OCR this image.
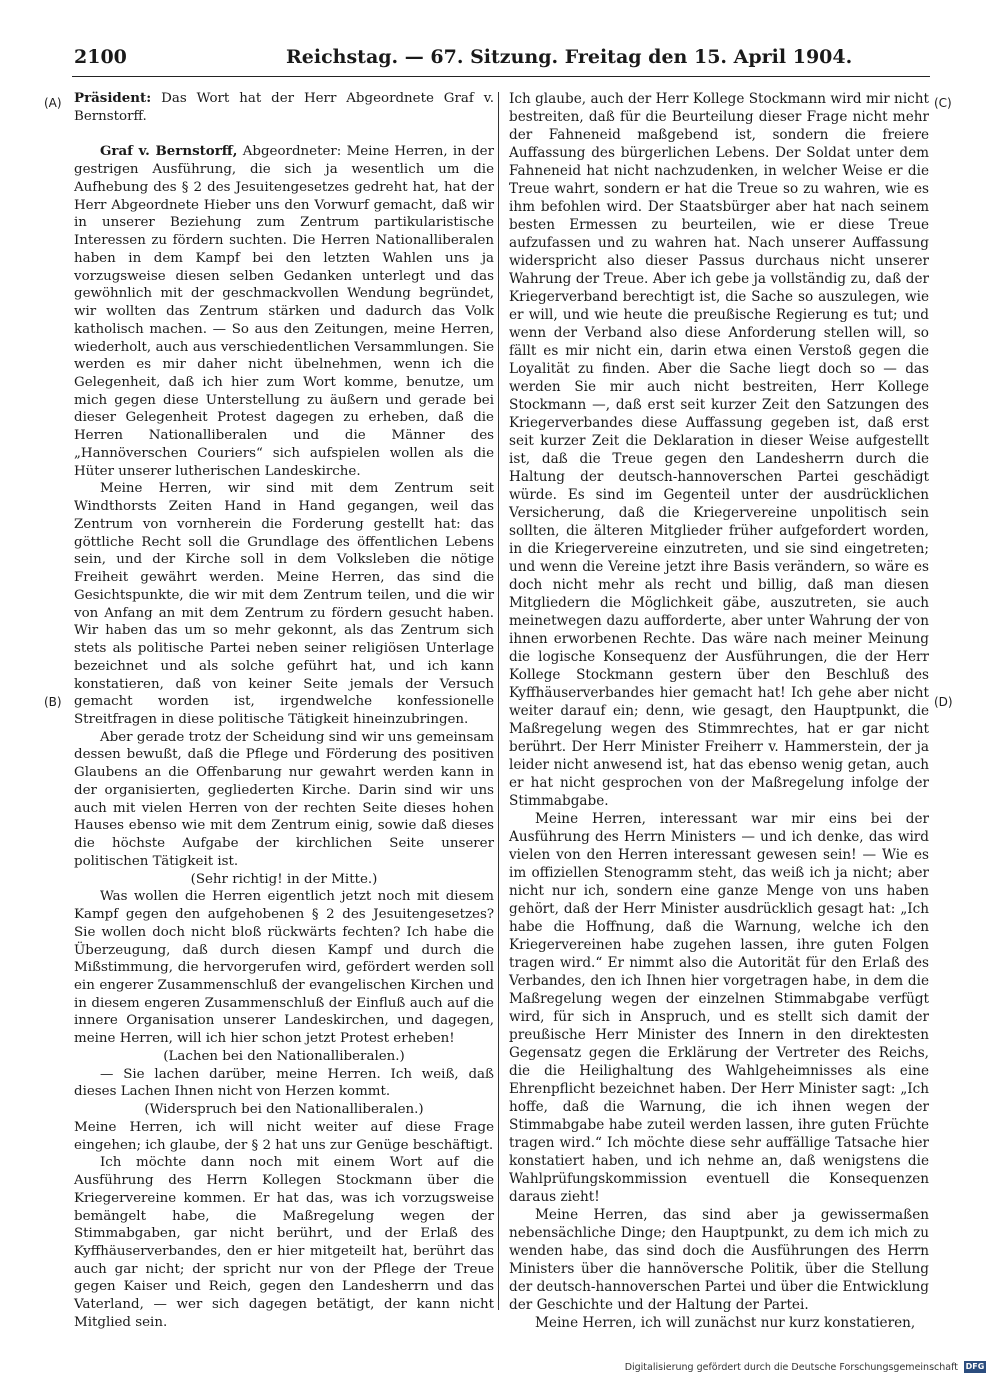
2100	Reichstag. — 67. Sitzung. Freitag den 15. April 1904.
(A)
(B)
(C)
(D)

Präsident: Das Wort hat der Herr Abgeordnete Graf v. Bernstorff.

Graf v. Bernstorff, Abgeordneter: Meine Herren, in der gestrigen Ausführung, die sich ja wesentlich um die Aufhebung des § 2 des Jesuitengesetzes gedreht hat, hat der Herr Abgeordnete Hieber uns den Vorwurf gemacht, daß wir in unserer Beziehung zum Zentrum partikularistische Interessen zu fördern suchten. Die Herren Nationalliberalen haben in dem Kampf bei den letzten Wahlen uns ja vorzugsweise diesen selben Gedanken unterlegt und das gewöhnlich mit der geschmackvollen Wendung begründet, wir wollten das Zentrum stärken und dadurch das Volk katholisch machen. — So aus den Zeitungen, meine Herren, wiederholt, auch aus verschiedentlichen Versammlungen. Sie werden es mir daher nicht übelnehmen, wenn ich die Gelegenheit, daß ich hier zum Wort komme, benutze, um mich gegen diese Unterstellung zu äußern und gerade bei dieser Gelegenheit Protest dagegen zu erheben, daß die Herren Nationalliberalen und die Männer des „Hannöverschen Couriers“ sich aufspielen wollen als die Hüter unserer lutherischen Landeskirche.

Meine Herren, wir sind mit dem Zentrum seit Windthorsts Zeiten Hand in Hand gegangen, weil das Zentrum von vornherein die Forderung gestellt hat: das göttliche Recht soll die Grundlage des öffentlichen Lebens sein, und der Kirche soll in dem Volksleben die nötige Freiheit gewährt werden. Meine Herren, das sind die Gesichtspunkte, die wir mit dem Zentrum teilen, und die wir von Anfang an mit dem Zentrum zu fördern gesucht haben. Wir haben das um so mehr gekonnt, als das Zentrum sich stets als politische Partei neben seiner religiösen Unterlage bezeichnet und als solche geführt hat, und ich kann konstatieren, daß von keiner Seite jemals der Versuch gemacht worden ist, irgendwelche konfessionelle Streitfragen in diese politische Tätigkeit hineinzubringen.

Aber gerade trotz der Scheidung sind wir uns gemeinsam dessen bewußt, daß die Pflege und Förderung des positiven Glaubens an die Offenbarung nur gewahrt werden kann in der organisierten, gegliederten Kirche. Darin sind wir uns auch mit vielen Herren von der rechten Seite dieses hohen Hauses ebenso wie mit dem Zentrum einig, sowie daß dieses die höchste Aufgabe der kirchlichen Seite unserer politischen Tätigkeit ist.

(Sehr richtig! in der Mitte.)

Was wollen die Herren eigentlich jetzt noch mit diesem Kampf gegen den aufgehobenen § 2 des Jesuitengesetzes? Sie wollen doch nicht bloß rückwärts fechten? Ich habe die Überzeugung, daß durch diesen Kampf und durch die Mißstimmung, die hervorgerufen wird, gefördert werden soll ein engerer Zusammenschluß der evangelischen Kirchen und in diesem engeren Zusammenschluß der Einfluß auch auf die innere Organisation unserer Landeskirchen, und dagegen, meine Herren, will ich hier schon jetzt Protest erheben!

(Lachen bei den Nationalliberalen.)

— Sie lachen darüber, meine Herren. Ich weiß, daß dieses Lachen Ihnen nicht von Herzen kommt.

(Widerspruch bei den Nationalliberalen.)

Meine Herren, ich will nicht weiter auf diese Frage eingehen; ich glaube, der § 2 hat uns zur Genüge beschäftigt.

Ich möchte dann noch mit einem Wort auf die Ausführung des Herrn Kollegen Stockmann über die Kriegervereine kommen. Er hat das, was ich vorzugsweise bemängelt habe, die Maßregelung wegen der Stimmabgaben, gar nicht berührt, und der Erlaß des Kyffhäuserverbandes, den er hier mitgeteilt hat, berührt das auch gar nicht; der spricht nur von der Pflege der Treue gegen Kaiser und Reich, gegen den Landesherrn und das Vaterland, — wer sich dagegen betätigt, der kann nicht Mitglied sein.

Ich glaube, auch der Herr Kollege Stockmann wird mir nicht bestreiten, daß für die Beurteilung dieser Frage nicht mehr der Fahneneid maßgebend ist, sondern die freiere Auffassung des bürgerlichen Lebens. Der Soldat unter dem Fahneneid hat nicht nachzudenken, in welcher Weise er die Treue wahrt, sondern er hat die Treue so zu wahren, wie es ihm befohlen wird. Der Staatsbürger aber hat nach seinem besten Ermessen zu beurteilen, wie er diese Treue aufzufassen und zu wahren hat. Nach unserer Auffassung widerspricht also dieser Passus durchaus nicht unserer Wahrung der Treue. Aber ich gebe ja vollständig zu, daß der Kriegerverband berechtigt ist, die Sache so auszulegen, wie er will, und wie heute die preußische Regierung es tut; und wenn der Verband also diese Anforderung stellen will, so fällt es mir nicht ein, darin etwa einen Verstoß gegen die Loyalität zu finden. Aber die Sache liegt doch so — das werden Sie mir auch nicht bestreiten, Herr Kollege Stockmann —, daß erst seit kurzer Zeit den Satzungen des Kriegerverbandes diese Auffassung gegeben ist, daß erst seit kurzer Zeit die Deklaration in dieser Weise aufgestellt ist, daß die Treue gegen den Landesherrn durch die Haltung der deutsch-hannoverschen Partei geschädigt würde. Es sind im Gegenteil unter der ausdrücklichen Versicherung, daß die Kriegervereine unpolitisch sein sollten, die älteren Mitglieder früher aufgefordert worden, in die Kriegervereine einzutreten, und sie sind eingetreten; und wenn die Vereine jetzt ihre Basis verändern, so wäre es doch nicht mehr als recht und billig, daß man diesen Mitgliedern die Möglichkeit gäbe, auszutreten, sie auch meinetwegen dazu aufforderte, aber unter Wahrung der von ihnen erworbenen Rechte. Das wäre nach meiner Meinung die logische Konsequenz der Ausführungen, die der Herr Kollege Stockmann gestern über den Beschluß des Kyffhäuserverbandes hier gemacht hat! Ich gehe aber nicht weiter darauf ein; denn, wie gesagt, den Hauptpunkt, die Maßregelung wegen des Stimmrechtes, hat er gar nicht berührt. Der Herr Minister Freiherr v. Hammerstein, der ja leider nicht anwesend ist, hat das ebenso wenig getan, auch er hat nicht gesprochen von der Maßregelung infolge der Stimmabgabe.

Meine Herren, interessant war mir eins bei der Ausführung des Herrn Ministers — und ich denke, das wird vielen von den Herren interessant gewesen sein! — Wie es im offiziellen Stenogramm steht, das weiß ich ja nicht; aber nicht nur ich, sondern eine ganze Menge von uns haben gehört, daß der Herr Minister ausdrücklich gesagt hat: „Ich habe die Hoffnung, daß die Warnung, welche ich den Kriegervereinen habe zugehen lassen, ihre guten Folgen tragen wird.“ Er nimmt also die Autorität für den Erlaß des Verbandes, den ich Ihnen hier vorgetragen habe, in dem die Maßregelung wegen der einzelnen Stimmabgabe verfügt wird, für sich in Anspruch, und es stellt sich damit der preußische Herr Minister des Innern in den direktesten Gegensatz gegen die Erklärung der Vertreter des Reichs, die die Heilighaltung des Wahlgeheimnisses als eine Ehrenpflicht bezeichnet haben. Der Herr Minister sagt: „Ich hoffe, daß die Warnung, die ich ihnen wegen der Stimmabgabe habe zuteil werden lassen, ihre guten Früchte tragen wird.“ Ich möchte diese sehr auffällige Tatsache hier konstatiert haben, und ich nehme an, daß wenigstens die Wahlprüfungskommission eventuell die Konsequenzen daraus zieht!

Meine Herren, das sind aber ja gewissermaßen nebensächliche Dinge; den Hauptpunkt, zu dem ich mich zu wenden habe, das sind doch die Ausführungen des Herrn Ministers über die hannöversche Politik, über die Stellung der deutsch-hannoverschen Partei und über die Entwicklung der Geschichte und der Haltung der Partei.

Meine Herren, ich will zunächst nur kurz konstatieren,

Digitalisierung gefördert durch die Deutsche Forschungsgemeinschaft DFG
